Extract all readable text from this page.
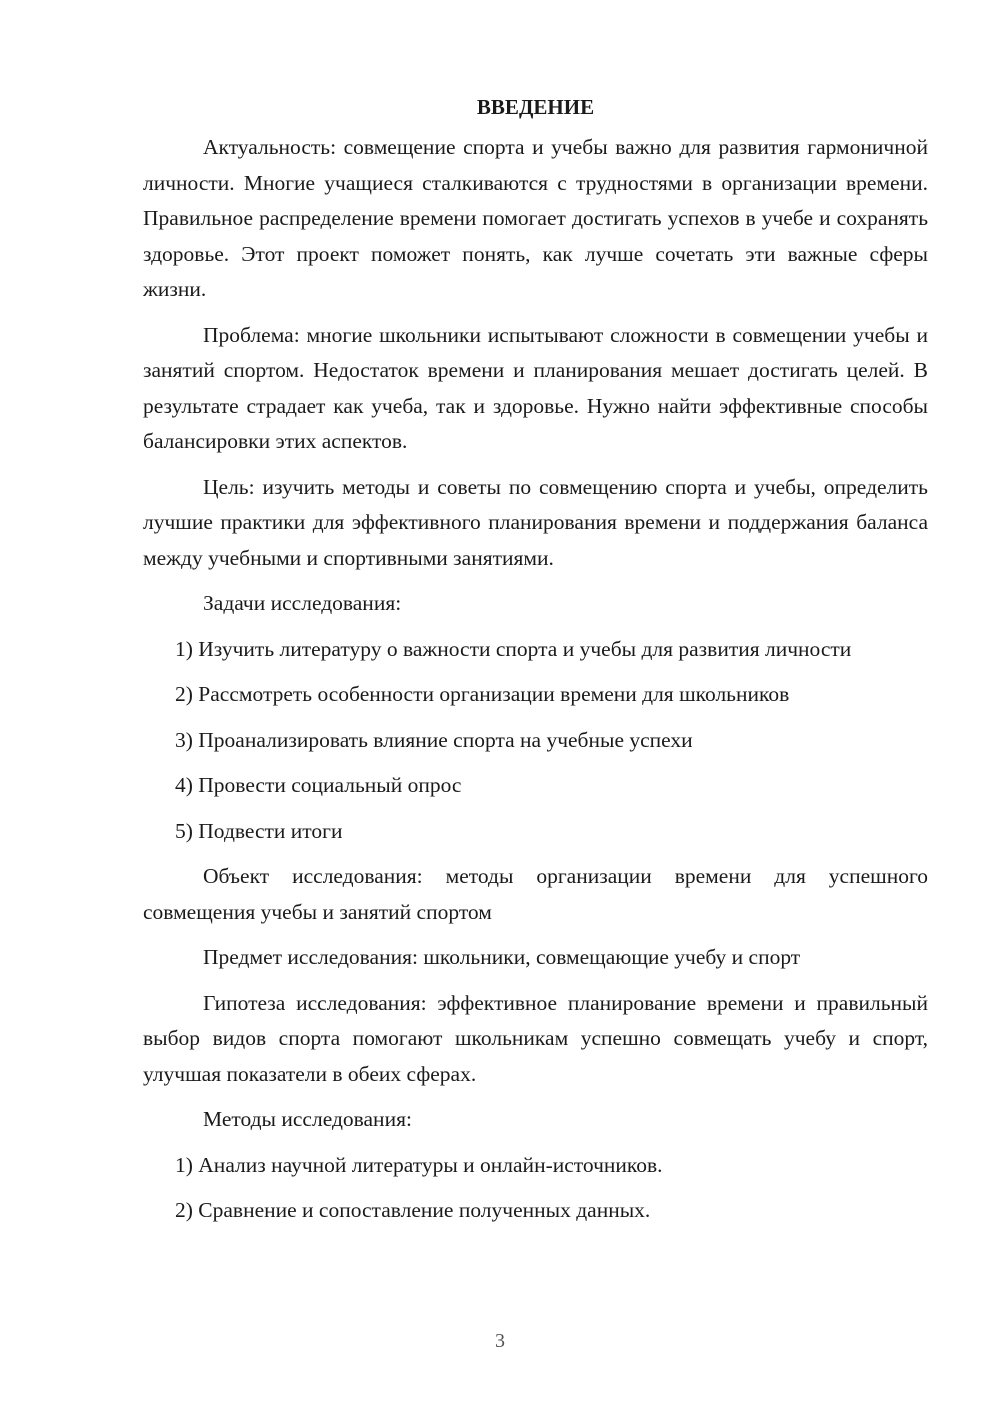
ВВЕДЕНИЕ

Актуальность: совмещение спорта и учебы важно для развития гармоничной личности. Многие учащиеся сталкиваются с трудностями в организации времени. Правильное распределение времени помогает достигать успехов в учебе и сохранять здоровье. Этот проект поможет понять, как лучше сочетать эти важные сферы жизни.

Проблема: многие школьники испытывают сложности в совмещении учебы и занятий спортом. Недостаток времени и планирования мешает достигать целей. В результате страдает как учеба, так и здоровье. Нужно найти эффективные способы балансировки этих аспектов.

Цель: изучить методы и советы по совмещению спорта и учебы, определить лучшие практики для эффективного планирования времени и поддержания баланса между учебными и спортивными занятиями.

Задачи исследования:

1) Изучить литературу о важности спорта и учебы для развития личности

2) Рассмотреть особенности организации времени для школьников

3) Проанализировать влияние спорта на учебные успехи

4) Провести социальный опрос

5) Подвести итоги

Объект исследования: методы организации времени для успешного совмещения учебы и занятий спортом

Предмет исследования: школьники, совмещающие учебу и спорт

Гипотеза исследования: эффективное планирование времени и правильный выбор видов спорта помогают школьникам успешно совмещать учебу и спорт, улучшая показатели в обеих сферах.

Методы исследования:

1) Анализ научной литературы и онлайн-источников.

2) Сравнение и сопоставление полученных данных.

3
